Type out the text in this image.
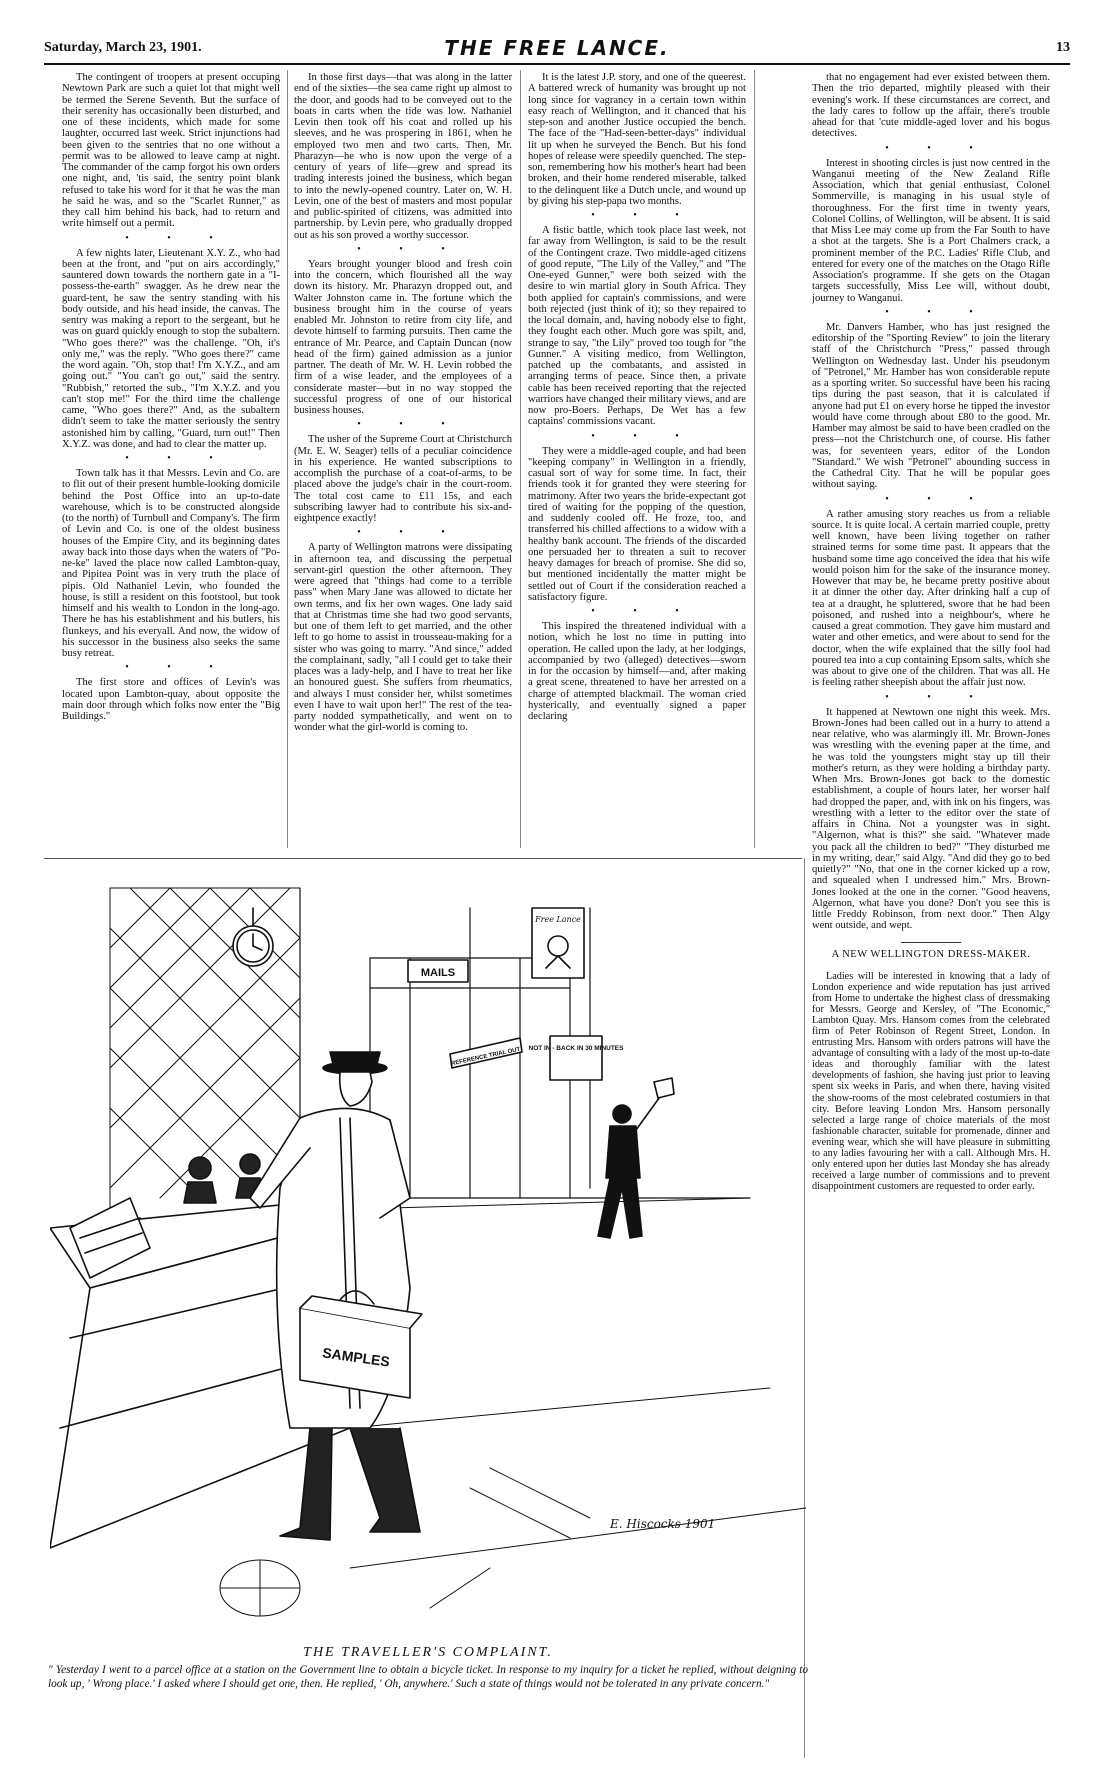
Saturday, March 23, 1901.	THE FREE LANCE.	13

The contingent of troopers at present occuping Newtown Park are such a quiet lot that might well be termed the Serene Seventh. But the surface of their serenity has occasionally been disturbed, and one of these incidents, which made for some laughter, occurred last week. Strict injunctions had been given to the sentries that no one without a permit was to be allowed to leave camp at night. The commander of the camp forgot his own orders one night, and, 'tis said, the sentry point blank refused to take his word for it that he was the man he said he was, and so the "Scarlet Runner," as they call him behind his back, had to return and write himself out a permit.

• • •

A few nights later, Lieutenant X.Y. Z., who had been at the front, and "put on airs accordingly," sauntered down towards the northern gate in a "I-possess-the-earth" swagger. As he drew near the guard-tent, he saw the sentry standing with his body outside, and his head inside, the canvas. The sentry was making a report to the sergeant, but he was on guard quickly enough to stop the subaltern. "Who goes there?" was the challenge. "Oh, it's only me," was the reply. "Who goes there?" came the word again. "Oh, stop that! I'm X.Y.Z., and am going out." "You can't go out," said the sentry. "Rubbish," retorted the sub., "I'm X.Y.Z. and you can't stop me!" For the third time the challenge came, "Who goes there?" And, as the subaltern didn't seem to take the matter seriously the sentry astonished him by calling, "Guard, turn out!" Then X.Y.Z. was done, and had to clear the matter up.

• • •

Town talk has it that Messrs. Levin and Co. are to flit out of their present humble-looking domicile behind the Post Office into an up-to-date warehouse, which is to be constructed alongside (to the north) of Turnbull and Company's. The firm of Levin and Co. is one of the oldest business houses of the Empire City, and its beginning dates away back into those days when the waters of "Po-ne-ke" laved the place now called Lambton-quay, and Pipitea Point was in very truth the place of pipis. Old Nathaniel Levin, who founded the house, is still a resident on this footstool, but took himself and his wealth to London in the long-ago. There he has his establishment and his butlers, his flunkeys, and his everyall. And now, the widow of his successor in the business also seeks the same busy retreat.

• • •

The first store and offices of Levin's was located upon Lambton-quay, about opposite the main door through which folks now enter the "Big Buildings."

In those first days—that was along in the latter end of the sixties—the sea came right up almost to the door, and goods had to be conveyed out to the boats in carts when the tide was low. Nathaniel Levin then took off his coat and rolled up his sleeves, and he was prospering in 1861, when he employed two men and two carts. Then, Mr. Pharazyn—he who is now upon the verge of a century of years of life—grew and spread its trading interests joined the business, which began to into the newly-opened country. Later on, W. H. Levin, one of the best of masters and most popular and public-spirited of citizens, was admitted into partnership. by Levin pere, who gradually dropped out as his son proved a worthy successor.

• • •

Years brought younger blood and fresh coin into the concern, which flourished all the way down its history. Mr. Pharazyn dropped out, and Walter Johnston came in. The fortune which the business brought him in the course of years enabled Mr. Johnston to retire from city life, and devote himself to farming pursuits. Then came the entrance of Mr. Pearce, and Captain Duncan (now head of the firm) gained admission as a junior partner. The death of Mr. W. H. Levin robbed the firm of a wise leader, and the employees of a considerate master—but in no way stopped the successful progress of one of our historical business houses.

• • •

The usher of the Supreme Court at Christchurch (Mr. E. W. Seager) tells of a peculiar coincidence in his experience. He wanted subscriptions to accomplish the purchase of a coat-of-arms, to be placed above the judge's chair in the court-room. The total cost came to £11 15s, and each subscribing lawyer had to contribute his six-and-eightpence exactly!

• • •

A party of Wellington matrons were dissipating in afternoon tea, and discussing the perpetual servant-girl question the other afternoon. They were agreed that "things had come to a terrible pass" when Mary Jane was allowed to dictate her own terms, and fix her own wages. One lady said that at Christmas time she had two good servants, but one of them left to get married, and the other left to go home to assist in trousseau-making for a sister who was going to marry. "And since," added the complainant, sadly, "all I could get to take their places was a lady-help, and I have to treat her like an honoured guest. She suffers from rheumatics, and always I must consider her, whilst sometimes even I have to wait upon her!" The rest of the tea-party nodded sympathetically, and went on to wonder what the girl-world is coming to.

It is the latest J.P. story, and one of the queerest. A battered wreck of humanity was brought up not long since for vagrancy in a certain town within easy reach of Wellington, and it chanced that his step-son and another Justice occupied the bench. The face of the "Had-seen-better-days" individual lit up when he surveyed the Bench. But his fond hopes of release were speedily quenched. The step-son, remembering how his mother's heart had been broken, and their home rendered miserable, talked to the delinquent like a Dutch uncle, and wound up by giving his step-papa two months.

• • •

A fistic battle, which took place last week, not far away from Wellington, is said to be the result of the Contingent craze. Two middle-aged citizens of good repute, "The Lily of the Valley," and "The One-eyed Gunner," were both seized with the desire to win martial glory in South Africa. They both applied for captain's commissions, and were both rejected (just think of it); so they repaired to the local domain, and, having nobody else to fight, they fought each other. Much gore was spilt, and, strange to say, "the Lily" proved too tough for "the Gunner." A visiting medico, from Wellington, patched up the combatants, and assisted in arranging terms of peace. Since then, a private cable has been received reporting that the rejected warriors have changed their military views, and are now pro-Boers. Perhaps, De Wet has a few captains' commissions vacant.

• • •

They were a middle-aged couple, and had been "keeping company" in Wellington in a friendly, casual sort of way for some time. In fact, their friends took it for granted they were steering for matrimony. After two years the bride-expectant got tired of waiting for the popping of the question, and suddenly cooled off. He froze, too, and transferred his chilled affections to a widow with a healthy bank account. The friends of the discarded one persuaded her to threaten a suit to recover heavy damages for breach of promise. She did so, but mentioned incidentally the matter might be settled out of Court if the consideration reached a satisfactory figure.

• • •

This inspired the threatened individual with a notion, which he lost no time in putting into operation. He called upon the lady, at her lodgings, accompanied by two (alleged) detectives—sworn in for the occasion by himself—and, after making a great scene, threatened to have her arrested on a charge of attempted blackmail. The woman cried hysterically, and eventually signed a paper declaring

that no engagement had ever existed between them. Then the trio departed, mightily pleased with their evening's work. If these circumstances are correct, and the lady cares to follow up the affair, there's trouble ahead for that 'cute middle-aged lover and his bogus detectives.

• • •

Interest in shooting circles is just now centred in the Wanganui meeting of the New Zealand Rifle Association, which that genial enthusiast, Colonel Sommerville, is managing in his usual style of thoroughness. For the first time in twenty years, Colonel Collins, of Wellington, will be absent. It is said that Miss Lee may come up from the Far South to have a shot at the targets. She is a Port Chalmers crack, a prominent member of the P.C. Ladies' Rifle Club, and entered for every one of the matches on the Otago Rifle Association's programme. If she gets on the Otagan targets successfully, Miss Lee will, without doubt, journey to Wanganui.

• • •

Mr. Danvers Hamber, who has just resigned the editorship of the "Sporting Review" to join the literary staff of the Christchurch "Press," passed through Wellington on Wednesday last. Under his pseudonym of "Petronel," Mr. Hamber has won considerable repute as a sporting writer. So successful have been his racing tips during the past season, that it is calculated if anyone had put £1 on every horse he tipped the investor would have come through about £80 to the good. Mr. Hamber may almost be said to have been cradled on the press—not the Christchurch one, of course. His father was, for seventeen years, editor of the London "Standard." We wish "Petronel" abounding success in the Cathedral City. That he will be popular goes without saying.

• • •

A rather amusing story reaches us from a reliable source. It is quite local. A certain married couple, pretty well known, have been living together on rather strained terms for some time past. It appears that the husband some time ago conceived the idea that his wife would poison him for the sake of the insurance money. However that may be, he became pretty positive about it at dinner the other day. After drinking half a cup of tea at a draught, he spluttered, swore that he had been poisoned, and rushed into a neighbour's, where he caused a great commotion. They gave him mustard and water and other emetics, and were about to send for the doctor, when the wife explained that the silly fool had poured tea into a cup containing Epsom salts, which she was about to give one of the children. That was all. He is feeling rather sheepish about the affair just now.

• • •

It happened at Newtown one night this week. Mrs. Brown-Jones had been called out in a hurry to attend a near relative, who was alarmingly ill. Mr. Brown-Jones was wrestling with the evening paper at the time, and he was told the youngsters might stay up till their mother's return, as they were holding a birthday party. When Mrs. Brown-Jones got back to the domestic establishment, a couple of hours later, her worser half had dropped the paper, and, with ink on his fingers, was wrestling with a letter to the editor over the state of affairs in China. Not a youngster was in sight. "Algernon, what is this?" she said. "Whatever made you pack all the children to bed?" "They disturbed me in my writing, dear," said Algy. "And did they go to bed quietly?" "No, that one in the corner kicked up a row, and squealed when I undressed him." Mrs. Brown-Jones looked at the one in the corner. "Good heavens, Algernon, what have you done? Don't you see this is little Freddy Robinson, from next door." Then Algy went outside, and wept.

A NEW WELLINGTON DRESS-MAKER.

Ladies will be interested in knowing that a lady of London experience and wide reputation has just arrived from Home to undertake the highest class of dressmaking for Messrs. George and Kersley, of "The Economic," Lambton Quay. Mrs. Hansom comes from the celebrated firm of Peter Robinson of Regent Street, London. In entrusting Mrs. Hansom with orders patrons will have the advantage of consulting with a lady of the most up-to-date ideas and thoroughly familiar with the latest developments of fashion, she having just prior to leaving spent six weeks in Paris, and when there, having visited the show-rooms of the most celebrated costumiers in that city. Before leaving London Mrs. Hansom personally selected a large range of choice materials of the most fashionable character, suitable for promenade, dinner and evening wear, which she will have pleasure in submitting to any ladies favouring her with a call. Although Mrs. H. only entered upon her duties last Monday she has already received a large number of commissions and to prevent disappointment customers are requested to order early.

MAILS
Free Lance
NOT IN - BACK IN 30 MINUTES
REFERENCE TRIAL OUT
SAMPLES
E. Hiscocks 1901
THE TRAVELLER'S COMPLAINT.
" Yesterday I went to a parcel office at a station on the Government line to obtain a bicycle ticket. In response to my inquiry for a ticket he replied, without deigning to look up, ' Wrong place.' I asked where I should get one, then. He replied, ' Oh, anywhere.' Such a state of things would not be tolerated in any private concern."
